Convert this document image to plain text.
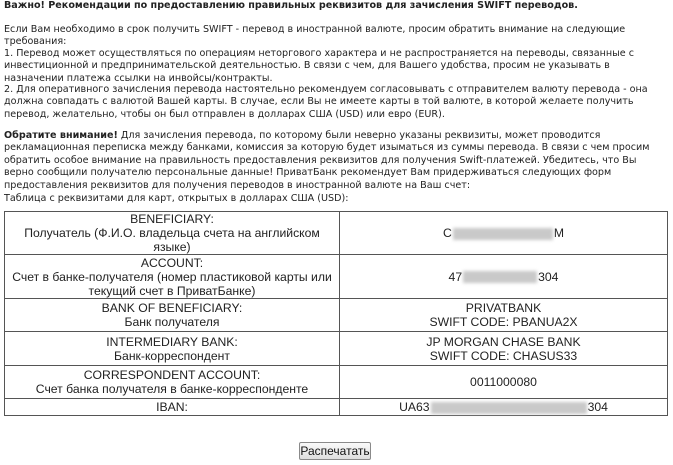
Важно! Рекомендации по предоставлению правильных реквизитов для зачисления SWIFT переводов.

Если Вам необходимо в срок получить SWIFT - перевод в иностранной валюте, просим обратить внимание на следующие требования:

1. Перевод может осуществляться по операциям неторгового характера и не распространяется на переводы, связанные с инвестиционной и предпринимательской деятельностью. В связи с чем, для Вашего удобства, просим не указывать в назначении платежа ссылки на инвойсы/контракты.

2. Для оперативного зачисления перевода настоятельно рекомендуем согласовывать с отправителем валюту перевода - она должна совпадать с валютой Вашей карты. В случае, если Вы не имеете карты в той валюте, в которой желаете получить перевод, желательно, чтобы он был отправлен в долларах США (USD) или евро (EUR).

Обратите внимание! Для зачисления перевода, по которому были неверно указаны реквизиты, может проводится рекламационная переписка между банками, комиссия за которую будет изыматься из суммы перевода. В связи с чем просим обратить особое внимание на правильность предоставления реквизитов для получения Swift-платежей. Убедитесь, что Вы верно сообщили получателю персональные данные! ПриватБанк рекомендует Вам придерживаться следующих форм предоставления реквизитов для получения переводов в иностранной валюте на Ваш счет:

Таблица с реквизитами для карт, открытых в долларах США (USD):

BENEFICIARY:
Получатель (Ф.И.О. владельца счета на английском языке)	С М

ACCOUNT:
Счет в банке-получателя (номер пластиковой карты или текущий счет в ПриватБанке)	47 304

BANK OF BENEFICIARY:
Банк получателя	PRIVATBANK
SWIFT CODE: PBANUA2X

INTERMEDIARY BANK:
Банк-корреспондент	JP MORGAN CHASE BANK
SWIFT CODE: CHASUS33

CORRESPONDENT ACCOUNT:
Счет банка получателя в банке-корреспонденте	0011000080
IBAN:	UA63 304
Распечатать
